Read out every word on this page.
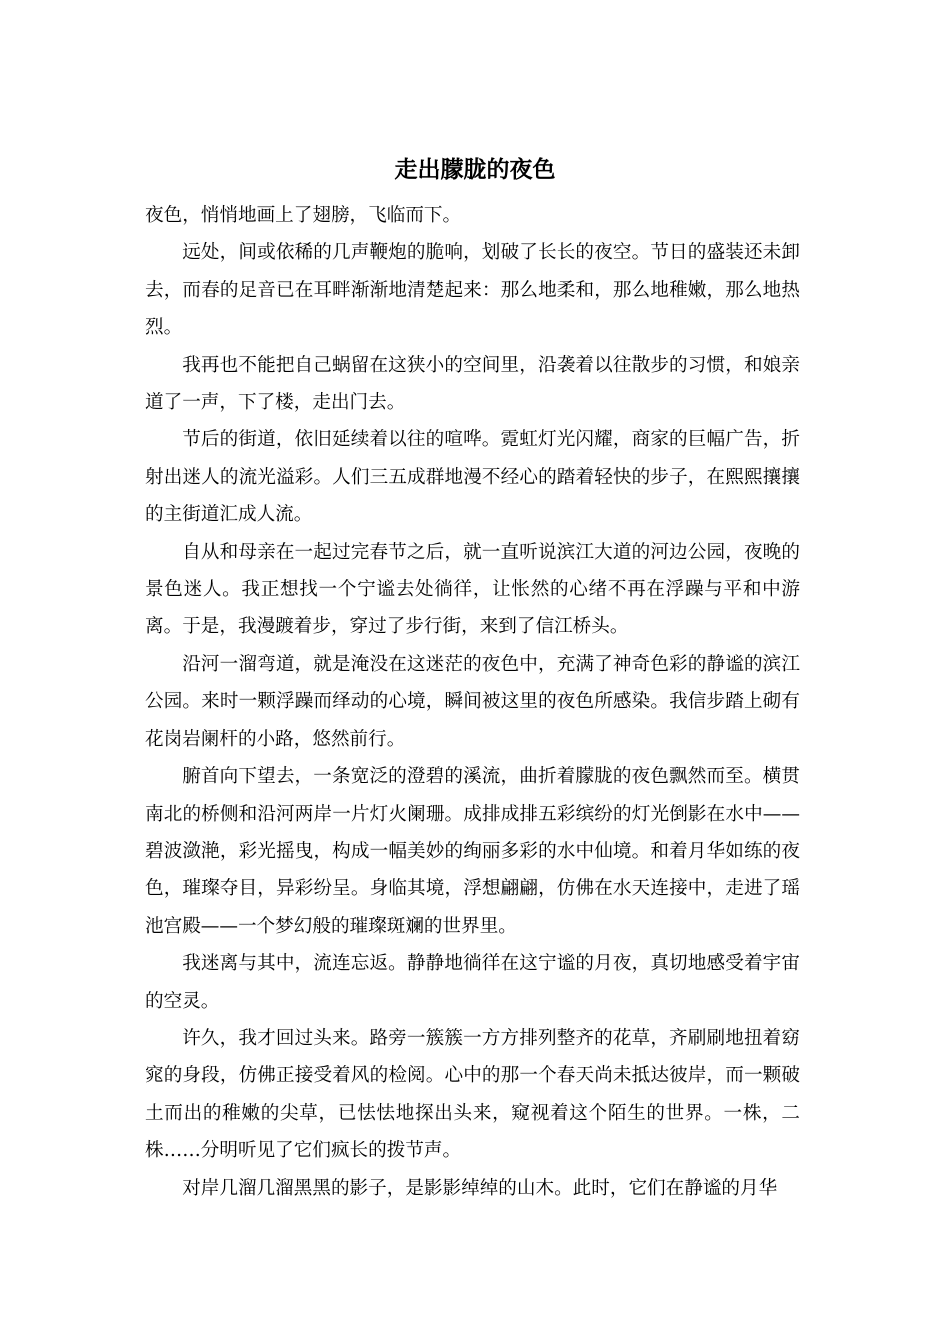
走出朦胧的夜色

夜色，悄悄地画上了翅膀，飞临而下。

远处，间或依稀的几声鞭炮的脆响，划破了长长的夜空。节日的盛装还未卸去，而春的足音已在耳畔渐渐地清楚起来：那么地柔和，那么地稚嫩，那么地热烈。

我再也不能把自己蜗留在这狭小的空间里，沿袭着以往散步的习惯，和娘亲道了一声，下了楼，走出门去。

节后的街道，依旧延续着以往的喧哗。霓虹灯光闪耀，商家的巨幅广告，折射出迷人的流光溢彩。人们三五成群地漫不经心的踏着轻快的步子，在熙熙攘攘的主街道汇成人流。

自从和母亲在一起过完春节之后，就一直听说滨江大道的河边公园，夜晚的景色迷人。我正想找一个宁谧去处徜徉，让怅然的心绪不再在浮躁与平和中游离。于是，我漫踱着步，穿过了步行街，来到了信江桥头。

沿河一溜弯道，就是淹没在这迷茫的夜色中，充满了神奇色彩的静谧的滨江公园。来时一颗浮躁而绎动的心境，瞬间被这里的夜色所感染。我信步踏上砌有花岗岩阑杆的小路，悠然前行。

腑首向下望去，一条宽泛的澄碧的溪流，曲折着朦胧的夜色飘然而至。横贯南北的桥侧和沿河两岸一片灯火阑珊。成排成排五彩缤纷的灯光倒影在水中——碧波潋滟，彩光摇曳，构成一幅美妙的绚丽多彩的水中仙境。和着月华如练的夜色，璀璨夺目，异彩纷呈。身临其境，浮想翩翩，仿佛在水天连接中，走进了瑶池宫殿——一个梦幻般的璀璨斑斓的世界里。

我迷离与其中，流连忘返。静静地徜徉在这宁谧的月夜，真切地感受着宇宙的空灵。

许久，我才回过头来。路旁一簇簇一方方排列整齐的花草，齐刷刷地扭着窈窕的身段，仿佛正接受着风的检阅。心中的那一个春天尚未抵达彼岸，而一颗破土而出的稚嫩的尖草，已怯怯地探出头来，窥视着这个陌生的世界。一株，二株……分明听见了它们疯长的拨节声。

对岸几溜几溜黑黑的影子，是影影绰绰的山木。此时，它们在静谧的月华
